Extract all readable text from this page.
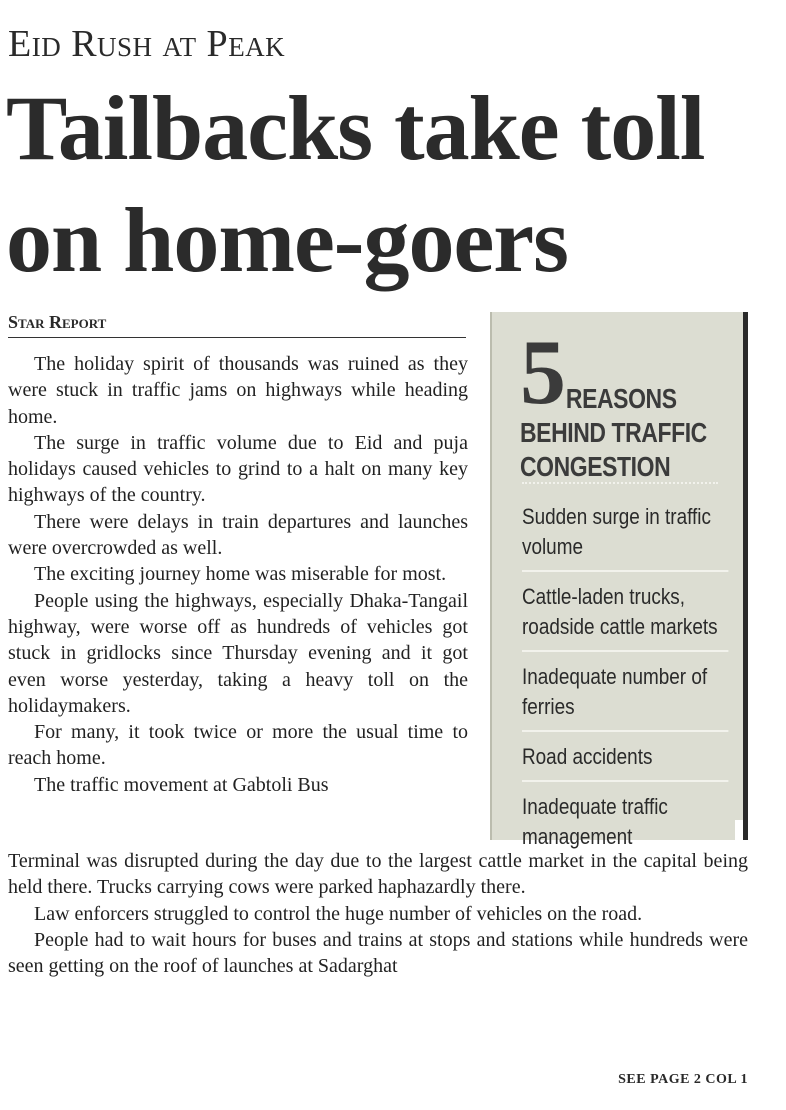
Eid Rush at Peak
Tailbacks take toll on home-goers
Star Report

The holiday spirit of thousands was ruined as they were stuck in traffic jams on highways while heading home.

The surge in traffic volume due to Eid and puja holidays caused vehicles to grind to a halt on many key highways of the country.

There were delays in train departures and launches were overcrowded as well.

The exciting journey home was miserable for most.

People using the highways, especially Dhaka-Tangail highway, were worse off as hundreds of vehicles got stuck in gridlocks since Thursday evening and it got even worse yesterday, taking a heavy toll on the holidaymakers.

For many, it took twice or more the usual time to reach home.

The traffic movement at Gabtoli Bus

Terminal was disrupted during the day due to the largest cattle market in the capital being held there. Trucks carrying cows were parked haphazardly there.

Law enforcers struggled to control the huge number of vehicles on the road.

People had to wait hours for buses and trains at stops and stations while hundreds were seen getting on the roof of launches at Sadarghat

5 REASONS
BEHIND TRAFFIC
CONGESTION
Sudden surge in traffic volume
Cattle-laden trucks, roadside cattle markets
Inadequate number of ferries
Road accidents
Inadequate traffic management
SEE PAGE 2 COL 1
